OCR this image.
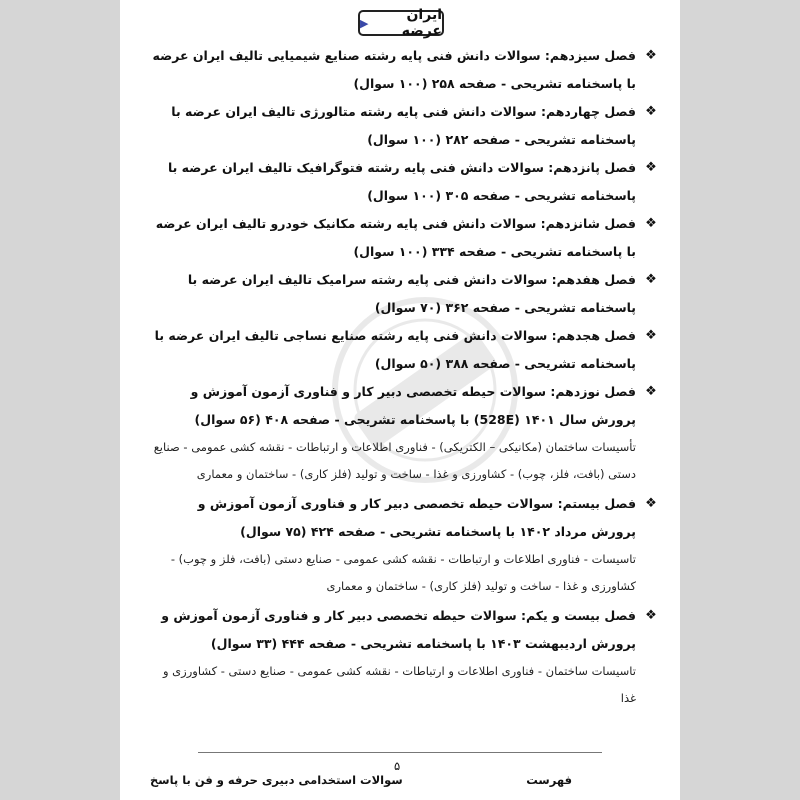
ایران عرضه
▶
❖

فصل سیزدهم: سوالات دانش فنی پایه رشته صنایع شیمیایی تالیف ایران عرضه با پاسخنامه تشریحی - صفحه ۲۵۸ (۱۰۰ سوال)

❖

فصل چهاردهم: سوالات دانش فنی پایه رشته متالورژی تالیف ایران عرضه با پاسخنامه تشریحی - صفحه ۲۸۲ (۱۰۰ سوال)

❖

فصل پانزدهم: سوالات دانش فنی پایه رشته فتوگرافیک تالیف ایران عرضه با پاسخنامه تشریحی - صفحه ۳۰۵ (۱۰۰ سوال)

❖

فصل شانزدهم: سوالات دانش فنی پایه رشته مکانیک خودرو تالیف ایران عرضه با پاسخنامه تشریحی - صفحه ۳۳۴ (۱۰۰ سوال)

❖

فصل هفدهم: سوالات دانش فنی پایه رشته سرامیک تالیف ایران عرضه با پاسخنامه تشریحی - صفحه ۳۶۲ (۷۰ سوال)

❖

فصل هجدهم: سوالات دانش فنی پایه رشته صنایع نساجی تالیف ایران عرضه با پاسخنامه تشریحی - صفحه ۳۸۸ (۵۰ سوال)

❖

فصل نوزدهم: سوالات حیطه تخصصی دبیر کار و فناوری آزمون آموزش و پرورش سال ۱۴۰۱ (528E) با پاسخنامه تشریحی - صفحه ۴۰۸ (۵۶ سوال)

تأسیسات ساختمان (مکانیکی – الکتریکی) - فناوری اطلاعات و ارتباطات - نقشه کشی عمومی - صنایع دستی (بافت، فلز، چوب) - کشاورزی و غذا - ساخت و تولید (فلز کاری) - ساختمان و معماری

❖

فصل بیستم: سوالات حیطه تخصصی دبیر کار و فناوری آزمون آموزش و پرورش مرداد ۱۴۰۲ با پاسخنامه تشریحی - صفحه ۴۲۴ (۷۵ سوال)

تاسیسات - فناوری اطلاعات و ارتباطات - نقشه کشی عمومی - صنایع دستی (بافت، فلز و چوب) - کشاورزی و غذا - ساخت و تولید (فلز کاری) - ساختمان و معماری

❖

فصل بیست و یکم: سوالات حیطه تخصصی دبیر کار و فناوری آزمون آموزش و پرورش اردیبهشت ۱۴۰۳ با پاسخنامه تشریحی - صفحه ۴۴۴ (۳۳ سوال)

تاسیسات ساختمان - فناوری اطلاعات و ارتباطات - نقشه کشی عمومی - صنایع دستی - کشاورزی و غذا

۵
سوالات استخدامی دبیری حرفه و فن با پاسخ	فهرست
